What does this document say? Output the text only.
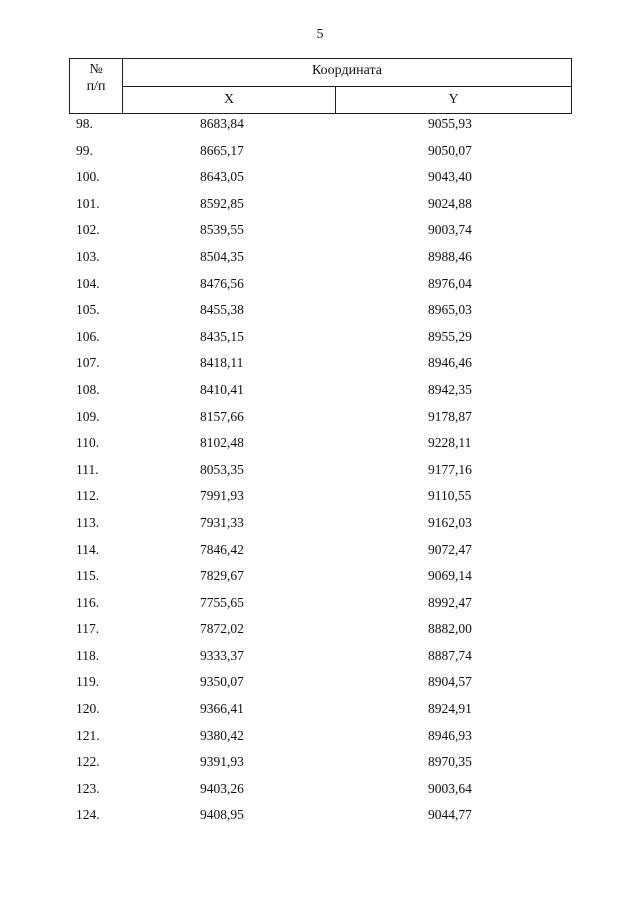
5
№
п/п
Координата
X	Y
98.	8683,84	9055,93
99.	8665,17	9050,07
100.	8643,05	9043,40
101.	8592,85	9024,88
102.	8539,55	9003,74
103.	8504,35	8988,46
104.	8476,56	8976,04
105.	8455,38	8965,03
106.	8435,15	8955,29
107.	8418,11	8946,46
108.	8410,41	8942,35
109.	8157,66	9178,87
110.	8102,48	9228,11
111.	8053,35	9177,16
112.	7991,93	9110,55
113.	7931,33	9162,03
114.	7846,42	9072,47
115.	7829,67	9069,14
116.	7755,65	8992,47
117.	7872,02	8882,00
118.	9333,37	8887,74
119.	9350,07	8904,57
120.	9366,41	8924,91
121.	9380,42	8946,93
122.	9391,93	8970,35
123.	9403,26	9003,64
124.	9408,95	9044,77
